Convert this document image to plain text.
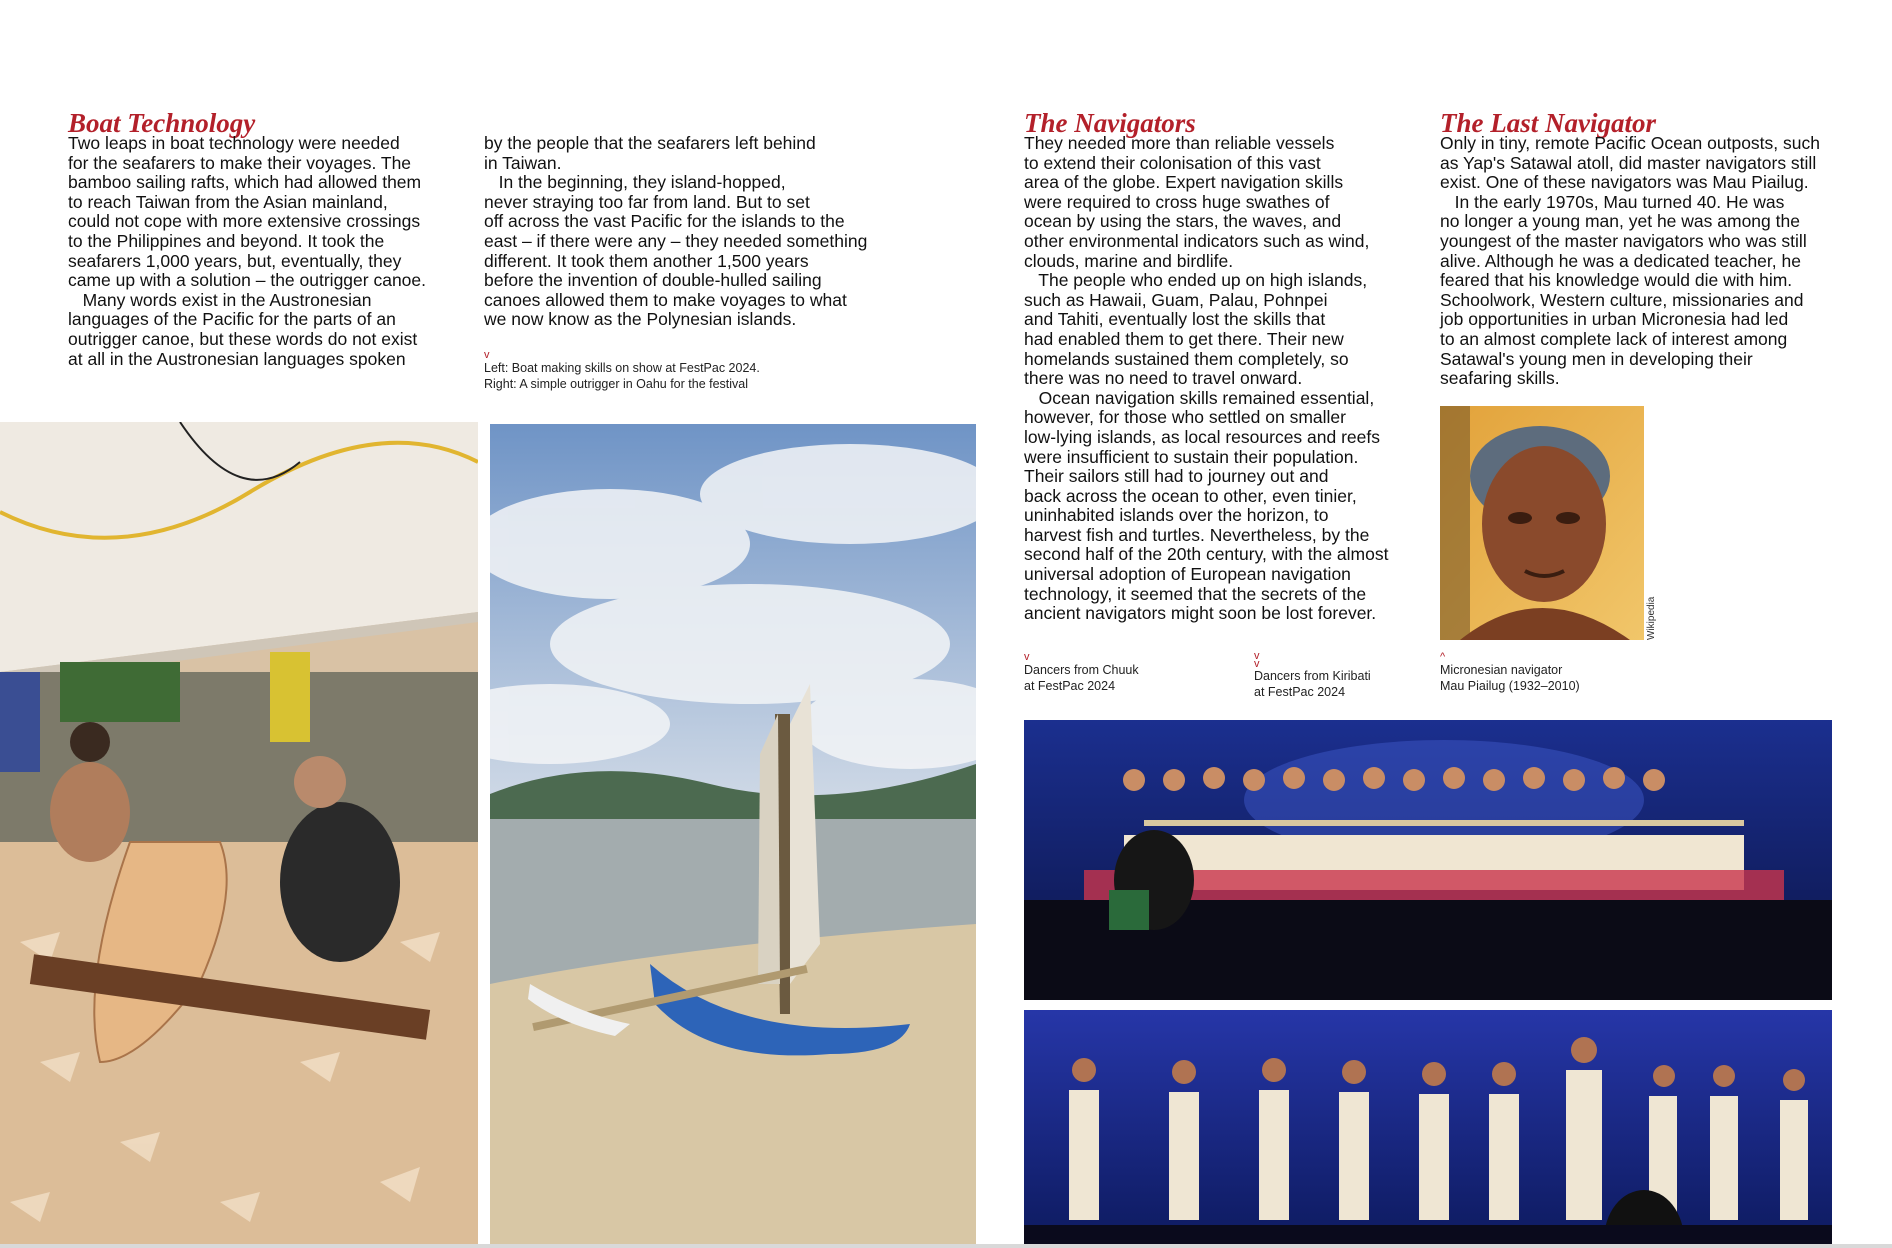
Boat Technology	The Navigators	The Last Navigator
Two leaps in boat technology were needed
for the seafarers to make their voyages. The
bamboo sailing rafts, which had allowed them
to reach Taiwan from the Asian mainland,
could not cope with more extensive crossings
to the Philippines and beyond. It took the
seafarers 1,000 years, but, eventually, they
came up with a solution – the outrigger canoe.
Many words exist in the Austronesian
languages of the Pacific for the parts of an
outrigger canoe, but these words do not exist
at all in the Austronesian languages spoken
by the people that the seafarers left behind
in Taiwan.
In the beginning, they island-hopped,
never straying too far from land. But to set
off across the vast Pacific for the islands to the
east – if there were any – they needed something
different. It took them another 1,500 years
before the invention of double-hulled sailing
canoes allowed them to make voyages to what
we now know as the Polynesian islands.
v
Left: Boat making skills on show at FestPac 2024.
Right: A simple outrigger in Oahu for the festival
They needed more than reliable vessels
to extend their colonisation of this vast
area of the globe. Expert navigation skills
were required to cross huge swathes of
ocean by using the stars, the waves, and
other environmental indicators such as wind,
clouds, marine and birdlife.
The people who ended up on high islands,
such as Hawaii, Guam, Palau, Pohnpei
and Tahiti, eventually lost the skills that
had enabled them to get there. Their new
homelands sustained them completely, so
there was no need to travel onward.
Ocean navigation skills remained essential,
however, for those who settled on smaller
low-lying islands, as local resources and reefs
were insufficient to sustain their population.
Their sailors still had to journey out and
back across the ocean to other, even tinier,
uninhabited islands over the horizon, to
harvest fish and turtles. Nevertheless, by the
second half of the 20th century, with the almost
universal adoption of European navigation
technology, it seemed that the secrets of the
ancient navigators might soon be lost forever.
Only in tiny, remote Pacific Ocean outposts, such
as Yap's Satawal atoll, did master navigators still
exist. One of these navigators was Mau Piailug.
In the early 1970s, Mau turned 40. He was
no longer a young man, yet he was among the
youngest of the master navigators who was still
alive. Although he was a dedicated teacher, he
feared that his knowledge would die with him.
Schoolwork, Western culture, missionaries and
job opportunities in urban Micronesia had led
to an almost complete lack of interest among
Satawal's young men in developing their
seafaring skills.
Wikipedia
v
Dancers from Chuuk
at FestPac 2024
v
v
Dancers from Kiribati
at FestPac 2024
^
Micronesian navigator
Mau Piailug (1932–2010)
